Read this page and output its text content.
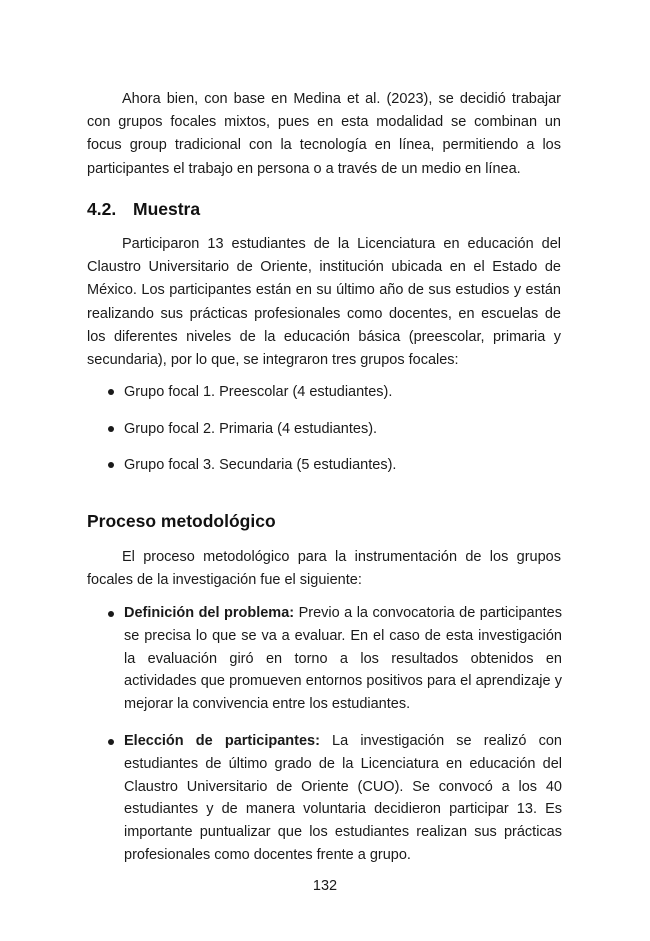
Ahora bien, con base en Medina et al. (2023), se decidió trabajar con grupos focales mixtos, pues en esta modalidad se combinan un focus group tradicional con la tecnología en línea, permitiendo a los participantes el trabajo en persona o a través de un medio en línea.

4.2. Muestra

Participaron 13 estudiantes de la Licenciatura en educación del Claustro Universitario de Oriente, institución ubicada en el Estado de México. Los participantes están en su último año de sus estudios y están realizando sus prácticas profesionales como docentes, en escuelas de los diferentes niveles de la educación básica (preescolar, primaria y secundaria), por lo que, se integraron tres grupos focales:

Grupo focal 1. Preescolar (4 estudiantes).
Grupo focal 2. Primaria (4 estudiantes).
Grupo focal 3. Secundaria (5 estudiantes).
Proceso metodológico

El proceso metodológico para la instrumentación de los grupos focales de la investigación fue el siguiente:

Definición del problema: Previo a la convocatoria de participantes se precisa lo que se va a evaluar. En el caso de esta investigación la evaluación giró en torno a los resultados obtenidos en actividades que promueven entornos positivos para el aprendizaje y mejorar la convivencia entre los estudiantes.
Elección de participantes: La investigación se realizó con estudiantes de último grado de la Licenciatura en educación del Claustro Universitario de Oriente (CUO). Se convocó a los 40 estudiantes y de manera voluntaria decidieron participar 13. Es importante puntualizar que los estudiantes realizan sus prácticas profesionales como docentes frente a grupo.
132
